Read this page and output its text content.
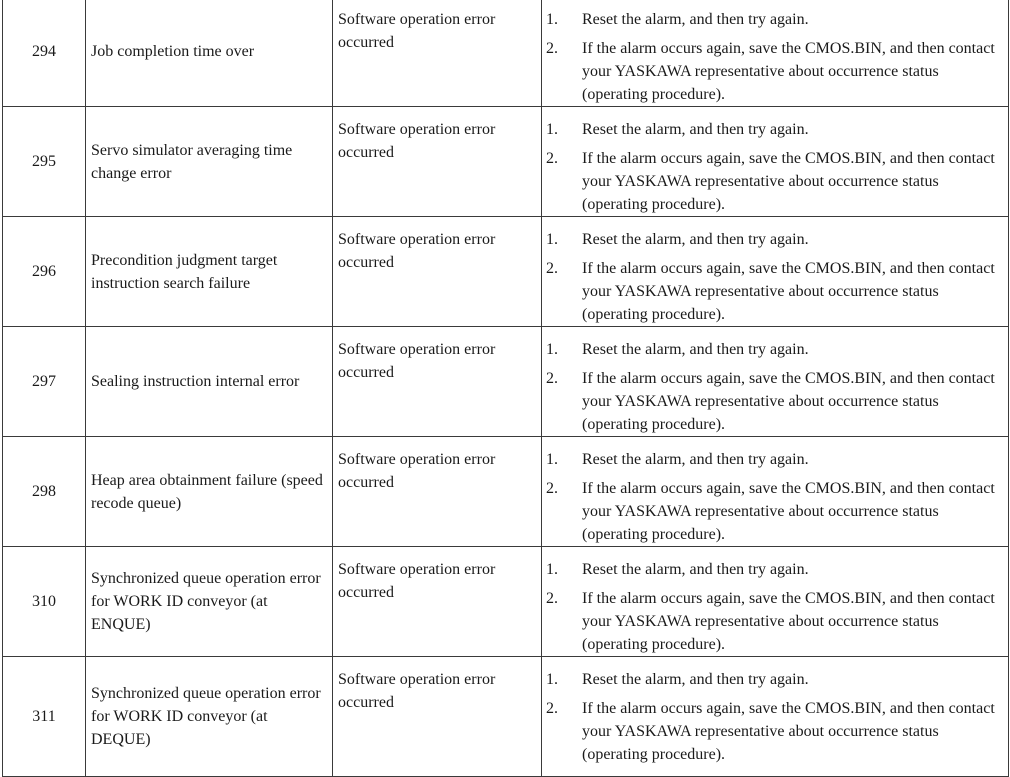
294	Job completion time over	Software operation error occurred	1. Reset the alarm, and then try again.
2. If the alarm occurs again, save the CMOS.BIN, and then contact your YASKAWA representative about occurrence status (operating procedure).

295	Servo simulator averaging time change error	Software operation error occurred	1. Reset the alarm, and then try again.
2. If the alarm occurs again, save the CMOS.BIN, and then contact your YASKAWA representative about occurrence status (operating procedure).

296	Precondition judgment target instruction search failure	Software operation error occurred	1. Reset the alarm, and then try again.
2. If the alarm occurs again, save the CMOS.BIN, and then contact your YASKAWA representative about occurrence status (operating procedure).

297	Sealing instruction internal error	Software operation error occurred	1. Reset the alarm, and then try again.
2. If the alarm occurs again, save the CMOS.BIN, and then contact your YASKAWA representative about occurrence status (operating procedure).

298	Heap area obtainment failure (speed recode queue)	Software operation error occurred	1. Reset the alarm, and then try again.
2. If the alarm occurs again, save the CMOS.BIN, and then contact your YASKAWA representative about occurrence status (operating procedure).

310	Synchronized queue operation error for WORK ID conveyor (at ENQUE)	Software operation error occurred	1. Reset the alarm, and then try again.
2. If the alarm occurs again, save the CMOS.BIN, and then contact your YASKAWA representative about occurrence status (operating procedure).

311	Synchronized queue operation error for WORK ID conveyor (at DEQUE)	Software operation error occurred	1. Reset the alarm, and then try again.
2. If the alarm occurs again, save the CMOS.BIN, and then contact your YASKAWA representative about occurrence status (operating procedure).
